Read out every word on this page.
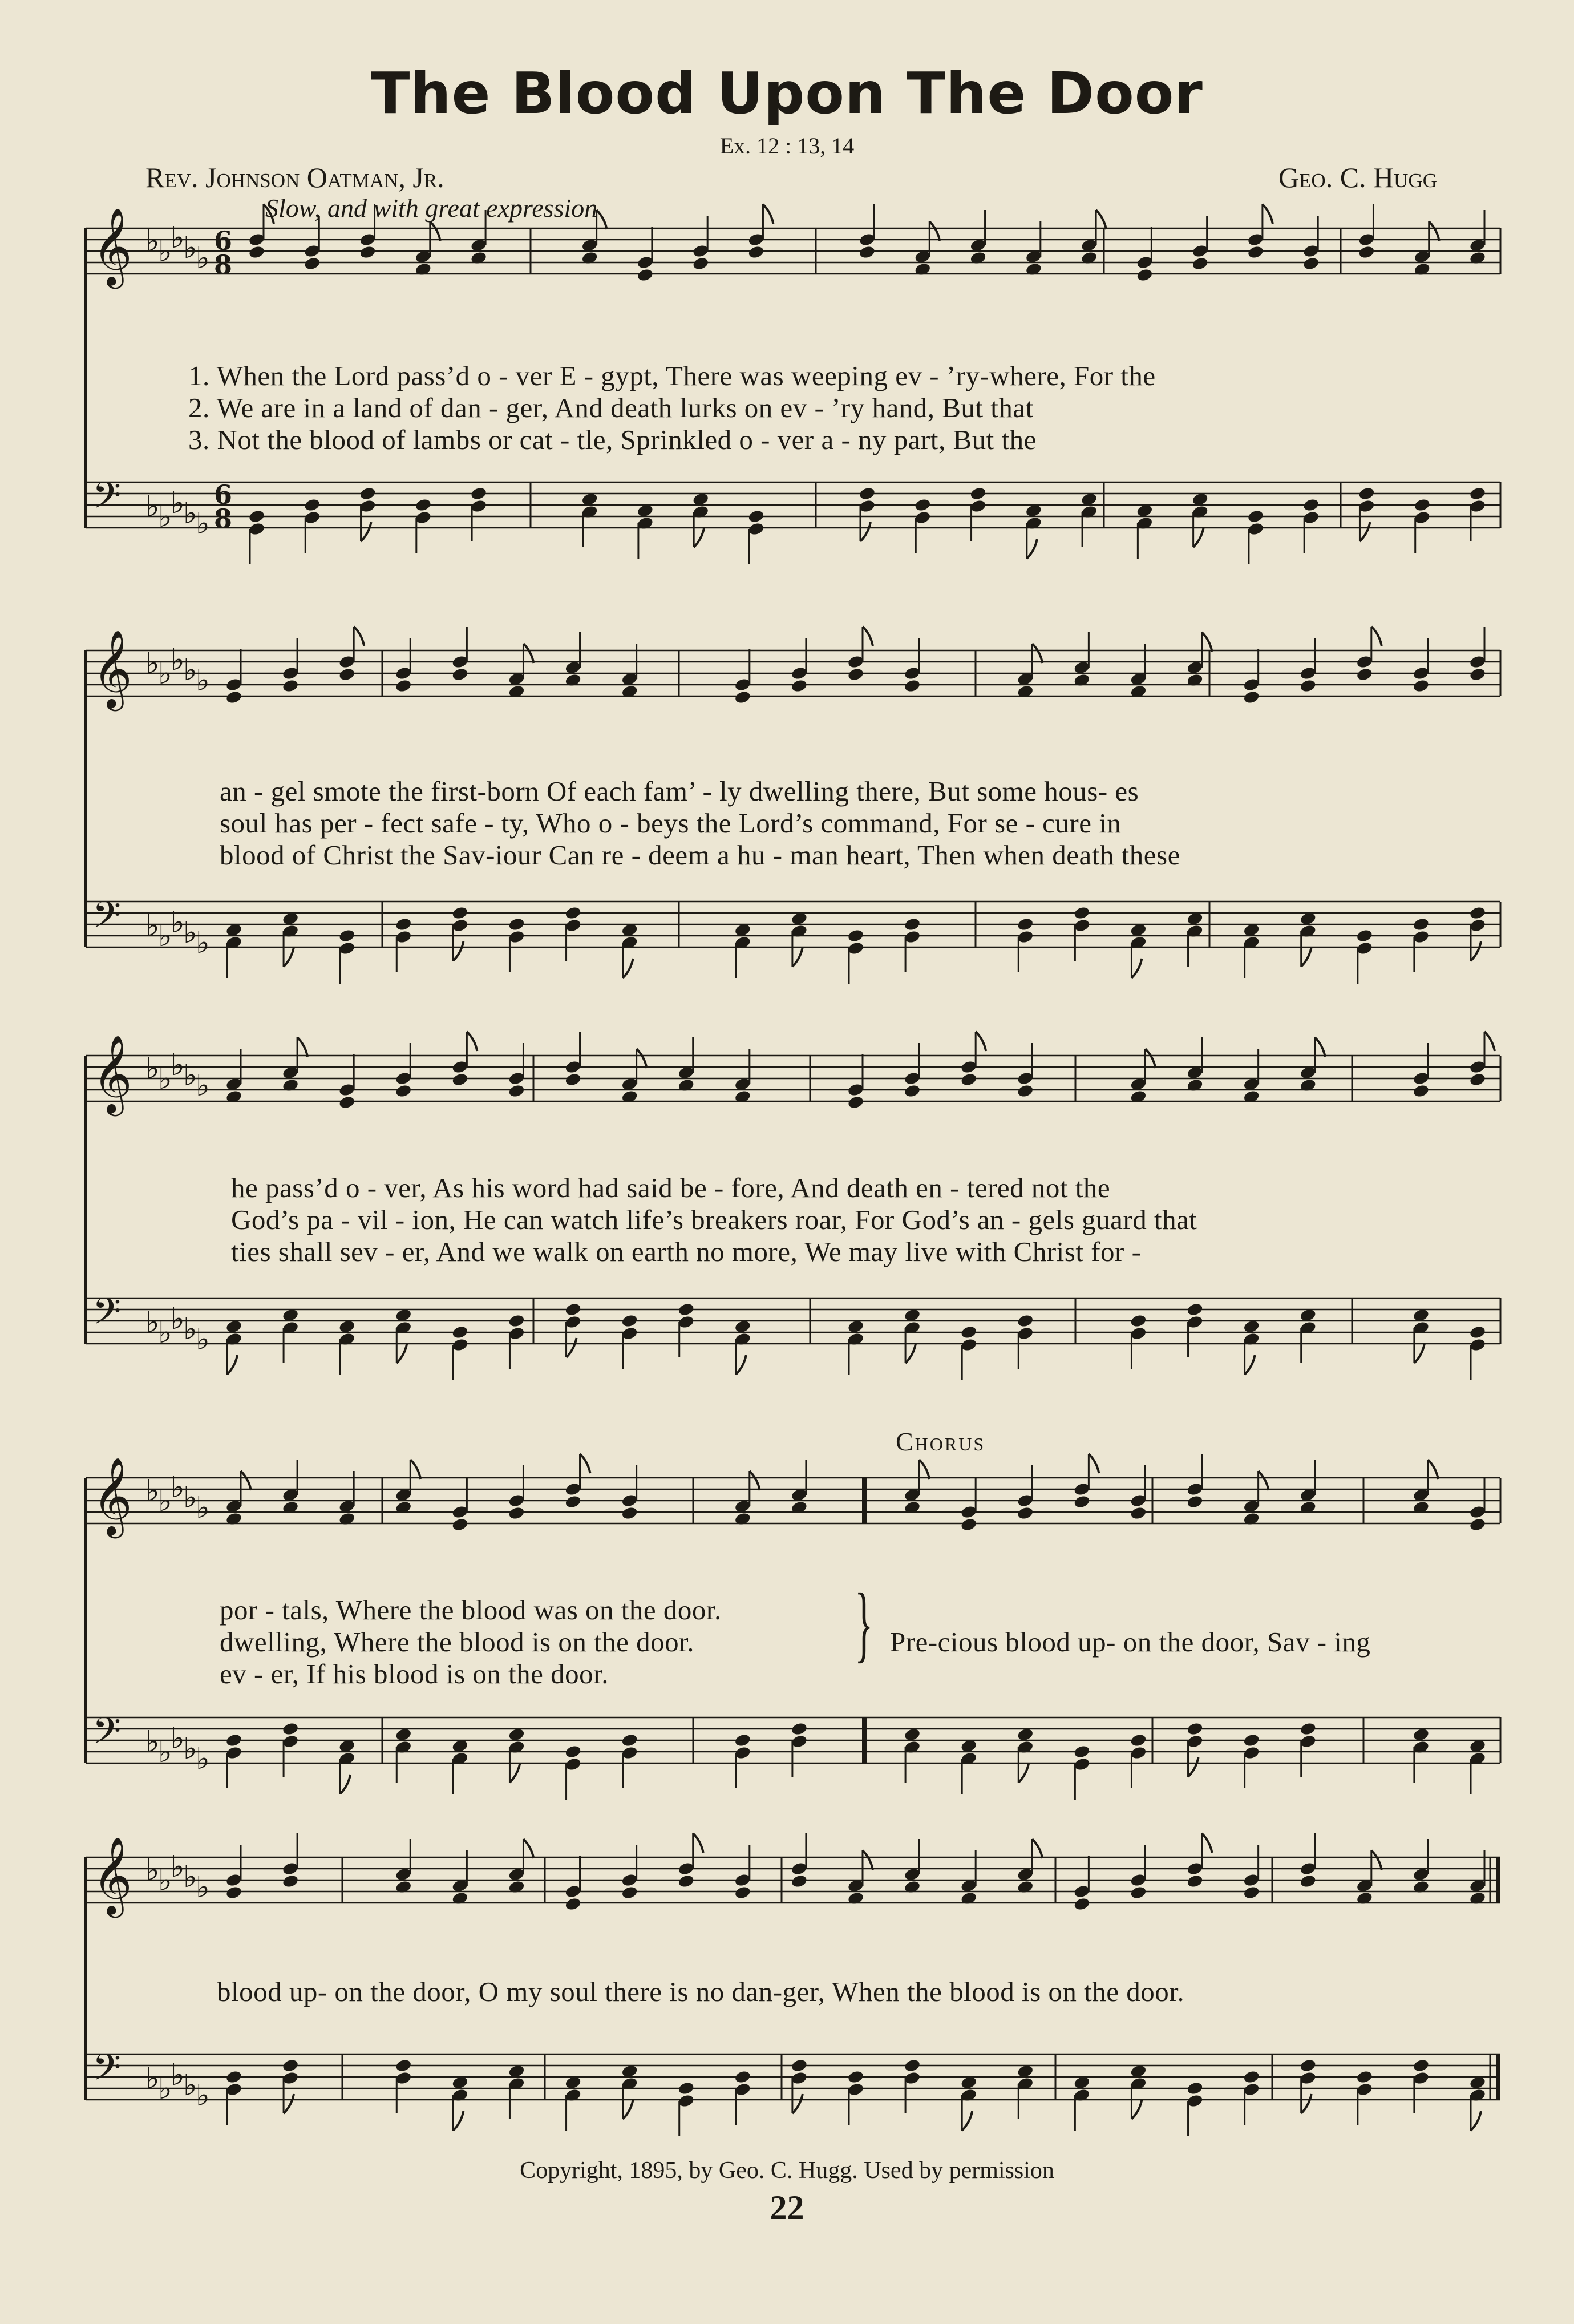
The Blood Upon The Door
Ex. 12 : 13, 14
Rev. Johnson Oatman, Jr.	Geo. C. Hugg
Slow, and with great expression
𝄞 ♭
♭
♭
♭
♭
6
8
𝄢 ♭
♭
♭
♭
♭
6
8
𝄞 ♭
♭
♭
♭
♭
𝄢 ♭
♭
♭
♭
♭
𝄞 ♭
♭
♭
♭
♭
𝄢 ♭
♭
♭
♭
♭
𝄞 ♭
♭
♭
♭
♭
𝄢 ♭
♭
♭
♭
♭
𝄞 ♭
♭
♭
♭
♭
𝄢 ♭
♭
♭
♭
♭
1. When the Lord pass’d o - ver E - gypt, There was weeping ev - ’ry-where, For the
2. We are in a land of dan - ger, And death lurks on ev - ’ry hand, But that
3. Not the blood of lambs or cat - tle, Sprinkled o - ver a - ny part, But the
an - gel smote the first-born Of each fam’ - ly dwelling there, But some hous- es
soul has per - fect safe - ty, Who o - beys the Lord’s command, For se - cure in
blood of Christ the Sav-iour Can re - deem a hu - man heart, Then when death these
he pass’d o - ver, As his word had said be - fore, And death en - tered not the
God’s pa - vil - ion, He can watch life’s breakers roar, For God’s an - gels guard that
ties shall sev - er, And we walk on earth no more, We may live with Christ for -
Chorus
por - tals, Where the blood was on the door.
dwelling, Where the blood is on the door.
ev - er, If his blood is on the door.
} Pre-cious blood up- on the door, Sav - ing
blood up- on the door, O my soul there is no dan-ger, When the blood is on the door.
Copyright, 1895, by Geo. C. Hugg. Used by permission
22
